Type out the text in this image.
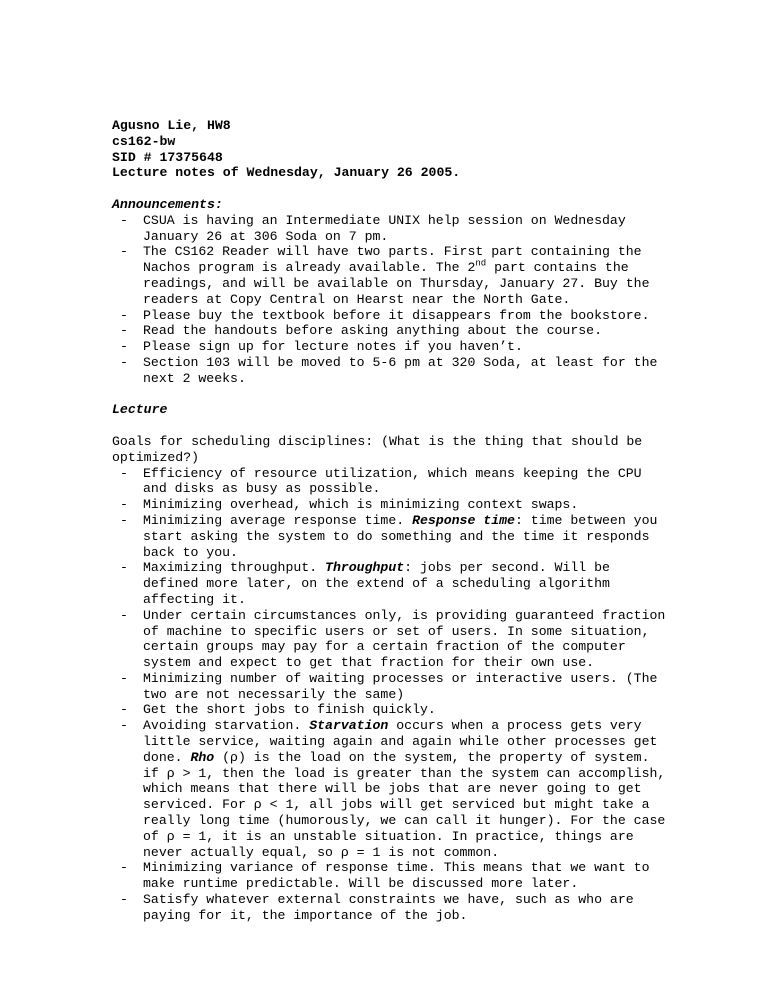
Agusno Lie, HW8
cs162-bw
SID # 17375648
Lecture notes of Wednesday, January 26 2005.
Announcements:
- CSUA is having an Intermediate UNIX help session on Wednesday January 26 at 306 Soda on 7 pm.
- The CS162 Reader will have two parts. First part containing the Nachos program is already available. The 2nd part contains the readings, and will be available on Thursday, January 27. Buy the readers at Copy Central on Hearst near the North Gate.
- Please buy the textbook before it disappears from the bookstore.
- Read the handouts before asking anything about the course.
- Please sign up for lecture notes if you haven’t.
- Section 103 will be moved to 5-6 pm at 320 Soda, at least for the next 2 weeks.
Lecture
Goals for scheduling disciplines: (What is the thing that should be optimized?)
- Efficiency of resource utilization, which means keeping the CPU and disks as busy as possible.
- Minimizing overhead, which is minimizing context swaps.
- Minimizing average response time. Response time: time between you start asking the system to do something and the time it responds back to you.
- Maximizing throughput. Throughput: jobs per second. Will be defined more later, on the extend of a scheduling algorithm affecting it.
- Under certain circumstances only, is providing guaranteed fraction of machine to specific users or set of users. In some situation, certain groups may pay for a certain fraction of the computer system and expect to get that fraction for their own use.
- Minimizing number of waiting processes or interactive users. (The two are not necessarily the same)
- Get the short jobs to finish quickly.
- Avoiding starvation. Starvation occurs when a process gets very little service, waiting again and again while other processes get done. Rho (ρ) is the load on the system, the property of system. if ρ > 1, then the load is greater than the system can accomplish, which means that there will be jobs that are never going to get serviced. For ρ < 1, all jobs will get serviced but might take a really long time (humorously, we can call it hunger). For the case of ρ = 1, it is an unstable situation. In practice, things are never actually equal, so ρ = 1 is not common.
- Minimizing variance of response time. This means that we want to make runtime predictable. Will be discussed more later.
- Satisfy whatever external constraints we have, such as who are paying for it, the importance of the job.
